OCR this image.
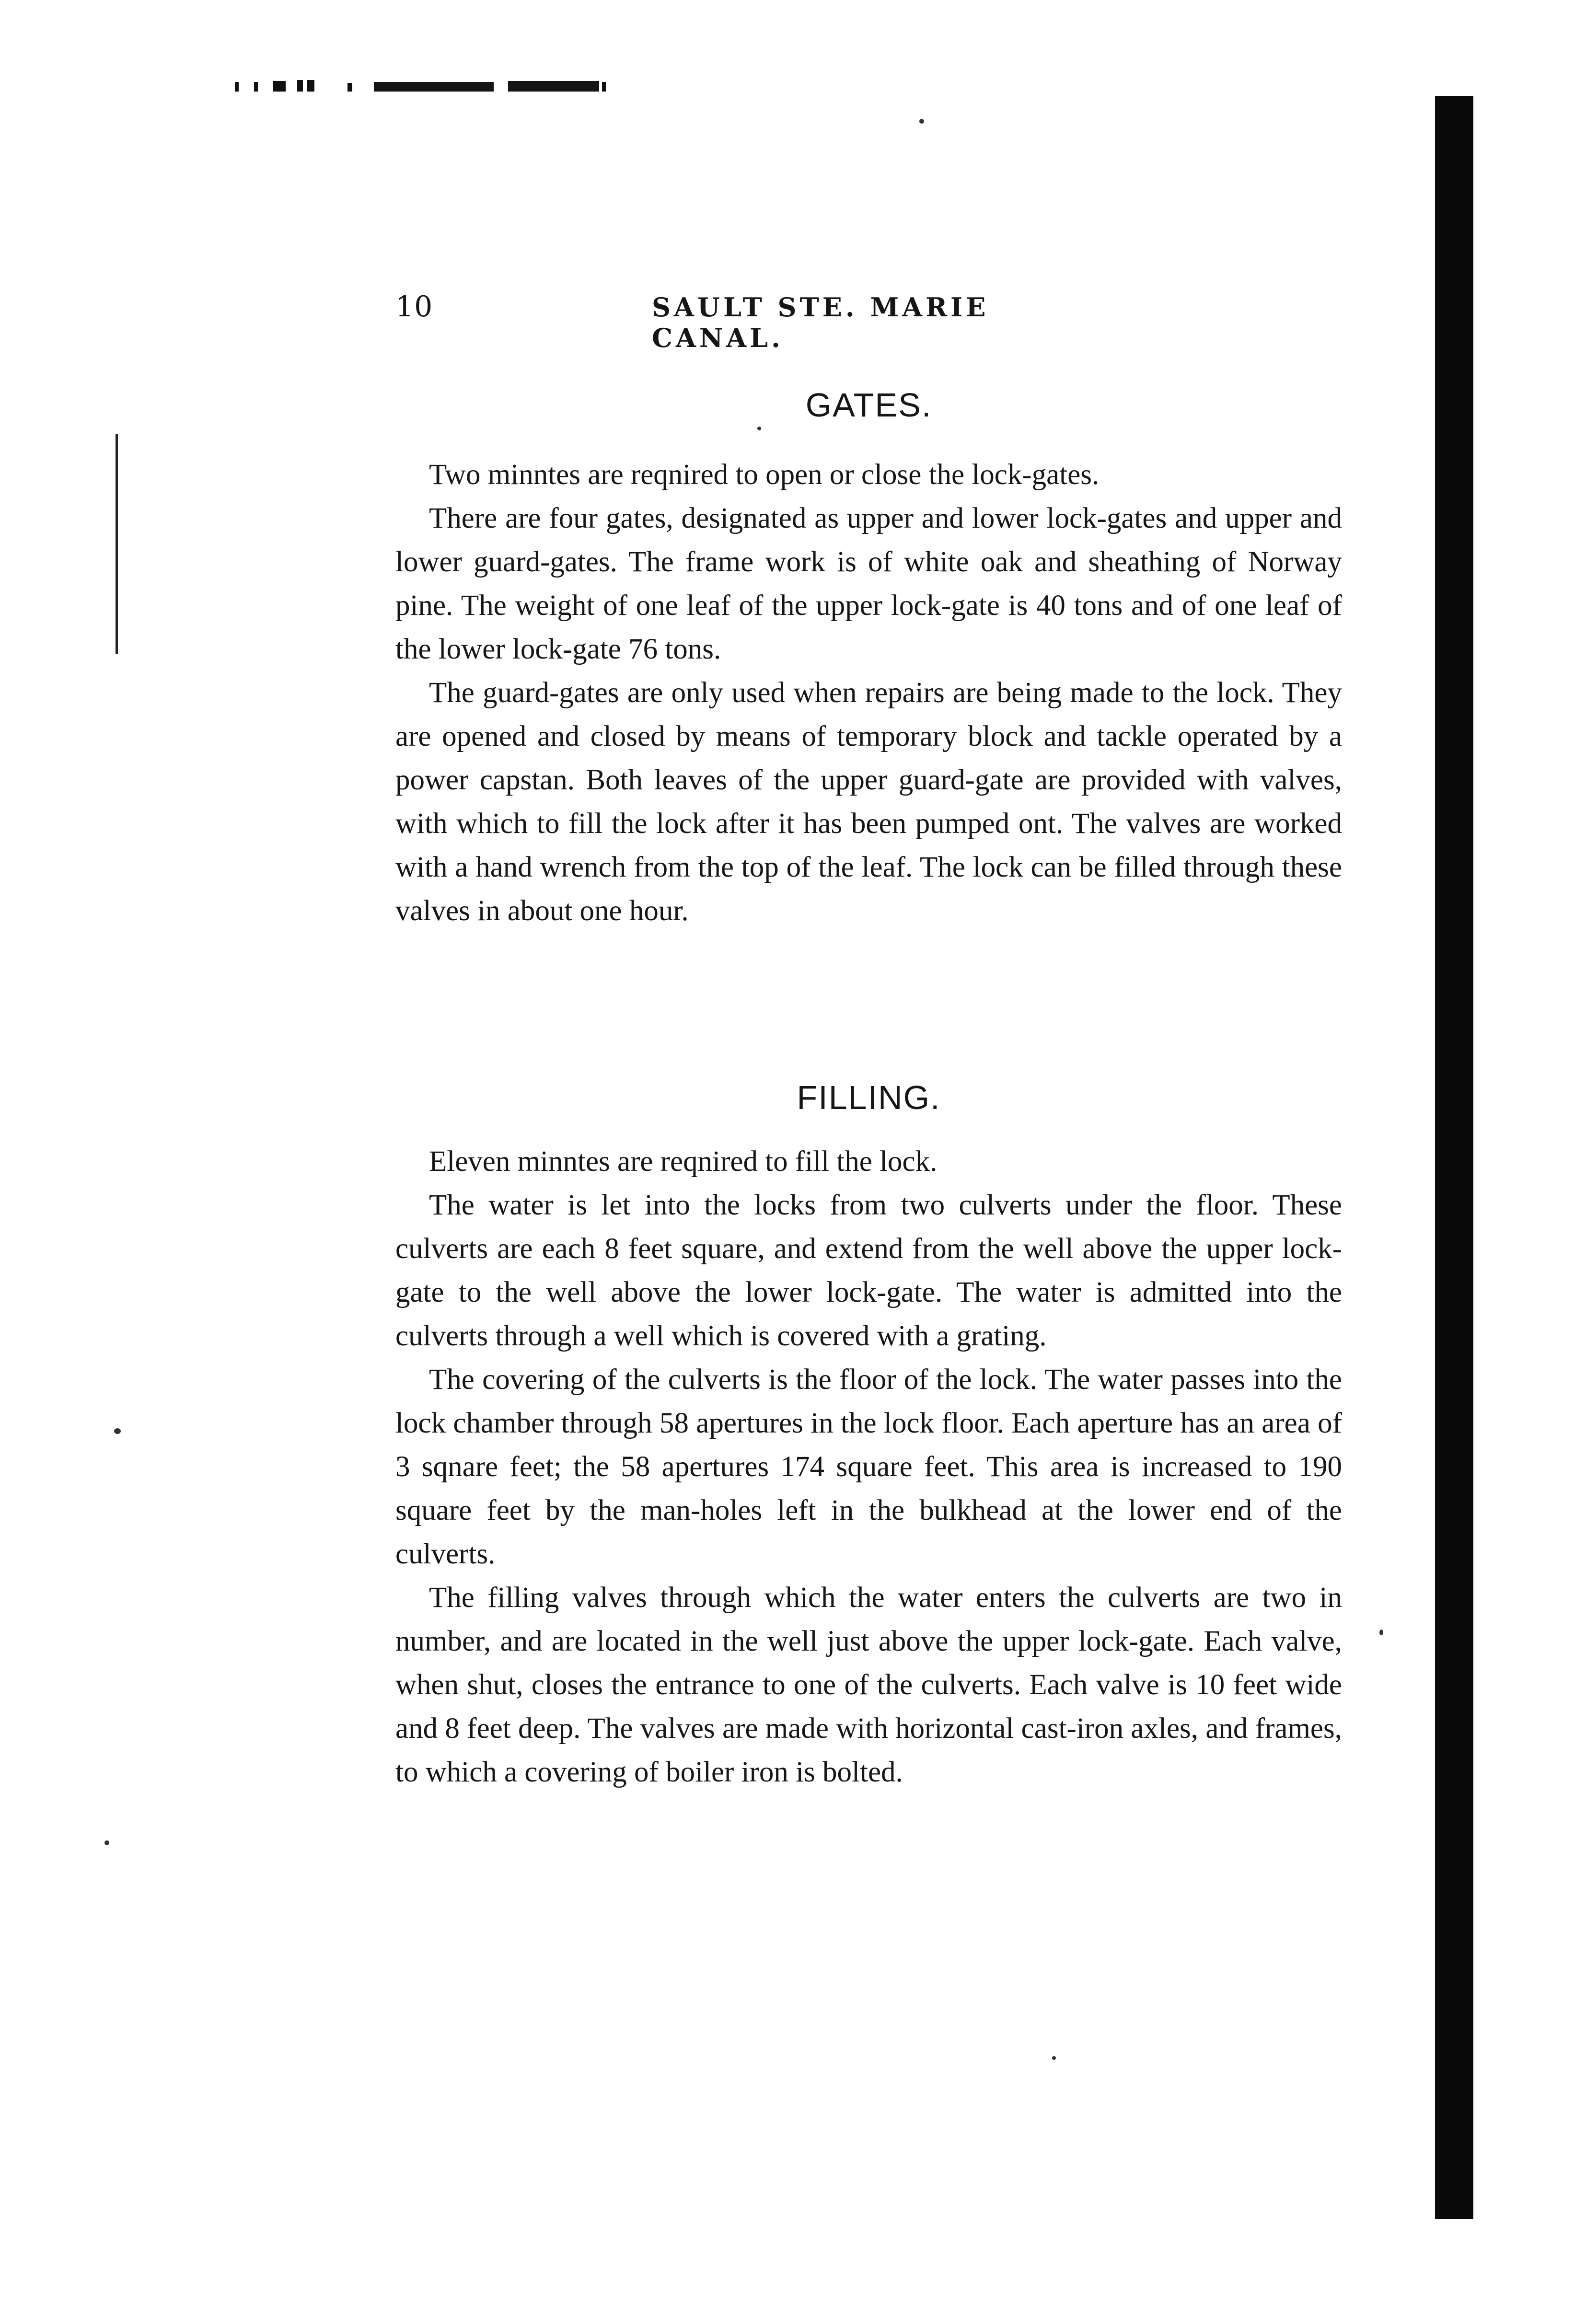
10	SAULT STE. MARIE CANAL.
GATES.

Two minntes are reqnired to open or close the lock-gates.

There are four gates, designated as upper and lower lock-gates and upper and lower guard-gates. The frame work is of white oak and sheathing of Norway pine. The weight of one leaf of the upper lock-gate is 40 tons and of one leaf of the lower lock-gate 76 tons.

The guard-gates are only used when repairs are being made to the lock. They are opened and closed by means of temporary block and tackle operated by a power capstan. Both leaves of the upper guard-gate are provided with valves, with which to fill the lock after it has been pumped ont. The valves are worked with a hand wrench from the top of the leaf. The lock can be filled through these valves in about one hour.

FILLING.

Eleven minntes are reqnired to fill the lock.

The water is let into the locks from two culverts under the floor. These culverts are each 8 feet square, and extend from the well above the upper lock-gate to the well above the lower lock-gate. The water is admitted into the culverts through a well which is covered with a grating.

The covering of the culverts is the floor of the lock. The water passes into the lock chamber through 58 apertures in the lock floor. Each aperture has an area of 3 sqnare feet; the 58 apertures 174 square feet. This area is increased to 190 square feet by the man-holes left in the bulkhead at the lower end of the culverts.

The filling valves through which the water enters the culverts are two in number, and are located in the well just above the upper lock-gate. Each valve, when shut, closes the entrance to one of the culverts. Each valve is 10 feet wide and 8 feet deep. The valves are made with horizontal cast-iron axles, and frames, to which a covering of boiler iron is bolted.
